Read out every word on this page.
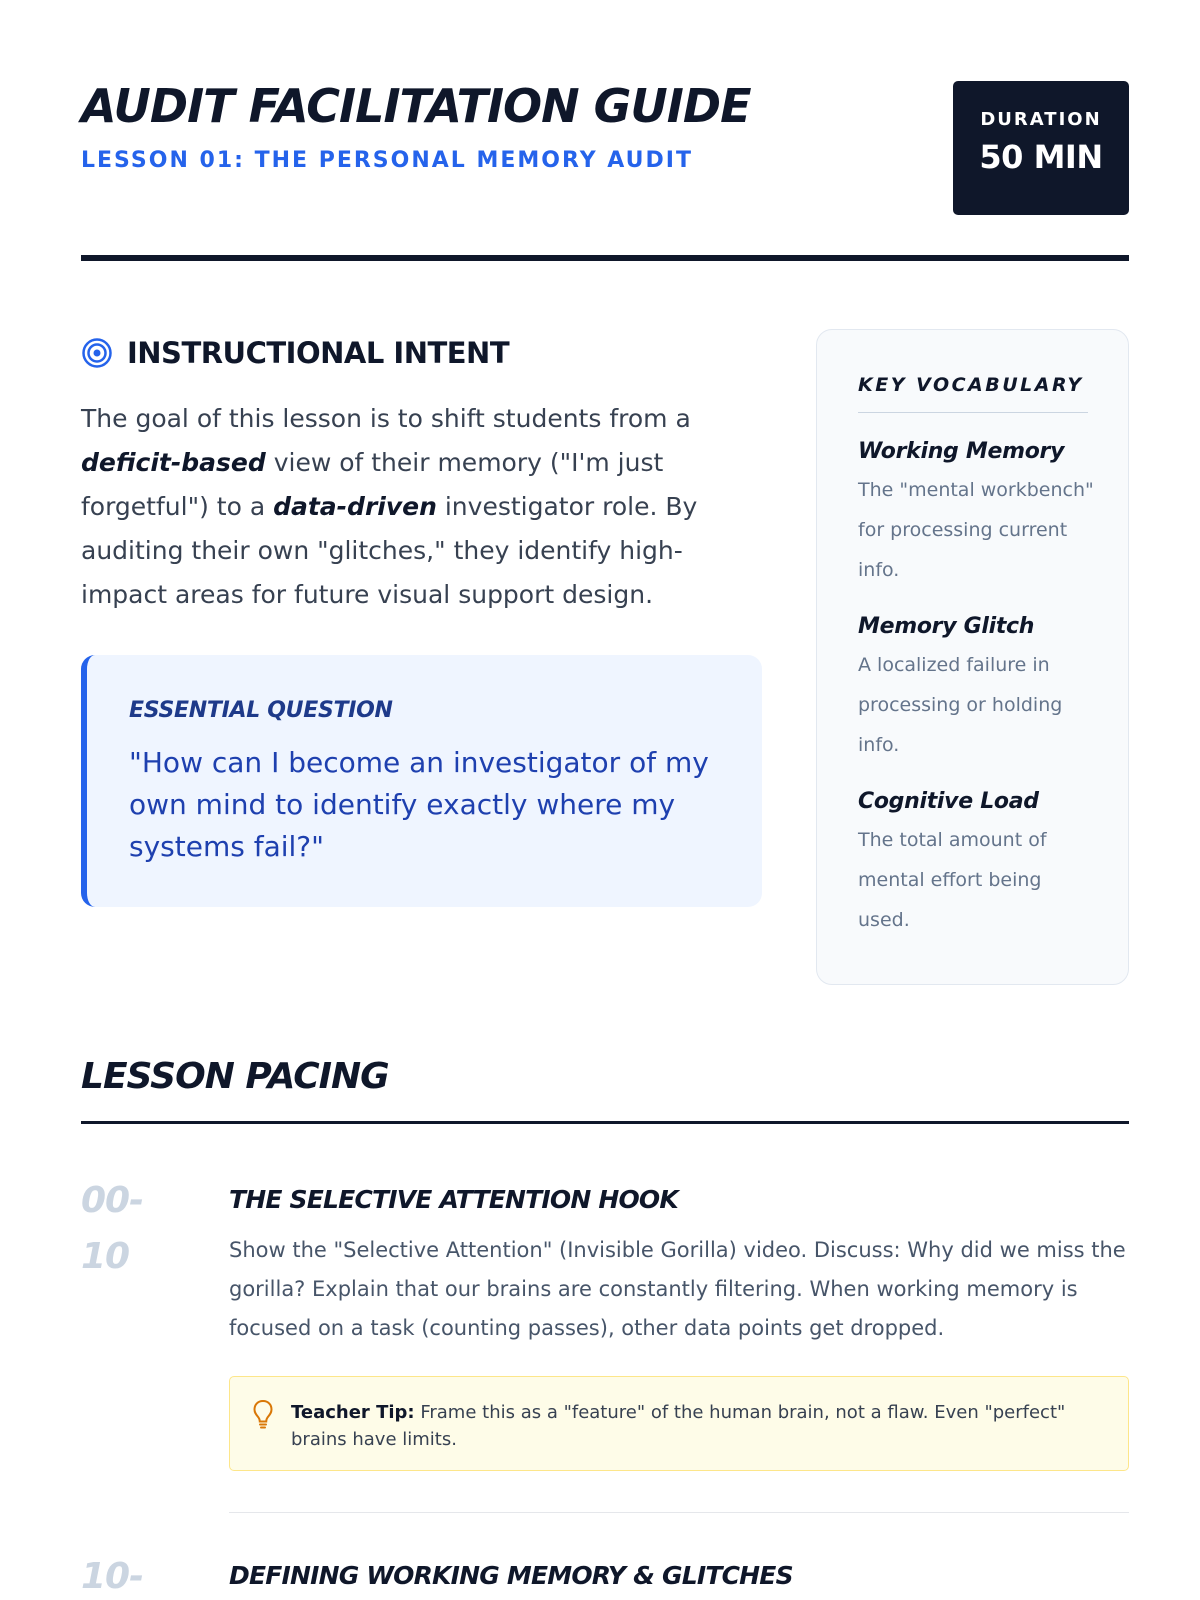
AUDIT FACILITATION GUIDE
LESSON 01: THE PERSONAL MEMORY AUDIT
DURATION
50 MIN
INSTRUCTIONAL INTENT

The goal of this lesson is to shift students from a deficit-based view of their memory ("I'm just forgetful") to a data-driven investigator role. By auditing their own "glitches," they identify high-impact areas for future visual support design.

ESSENTIAL QUESTION
"How can I become an investigator of my own mind to identify exactly where my systems fail?"
KEY VOCABULARY
Working Memory
The "mental workbench" for processing current info.
Memory Glitch
A localized failure in processing or holding info.
Cognitive Load
The total amount of mental effort being used.
LESSON PACING
00-
10
THE SELECTIVE ATTENTION HOOK

Show the "Selective Attention" (Invisible Gorilla) video. Discuss: Why did we miss the gorilla? Explain that our brains are constantly filtering. When working memory is focused on a task (counting passes), other data points get dropped.

Teacher Tip: Frame this as a "feature" of the human brain, not a flaw. Even "perfect" brains have limits.

10-	DEFINING WORKING MEMORY & GLITCHES
